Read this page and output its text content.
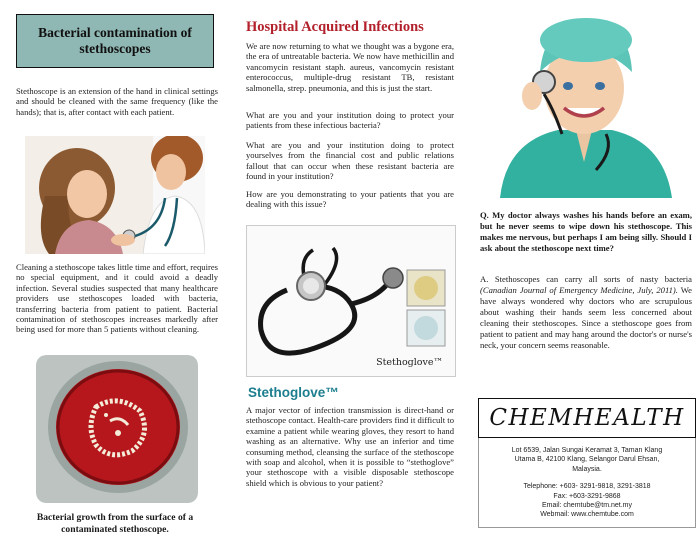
Bacterial contamination of stethoscopes
Stethoscope is an extension of the hand in clinical settings and should be cleaned with the same frequency (like the hands); that is, after contact with each patient.
Cleaning a stethoscope takes little time and effort, requires no special equipment, and it could avoid a deadly infection. Several studies suspected that many healthcare providers use stethoscopes loaded with bacteria, transferring bacteria from patient to patient. Bacterial contamination of stethoscopes increases markedly after being used for more than 5 patients without cleaning.
Bacterial growth from the surface of a contaminated stethoscope.
Hospital Acquired Infections
We are now returning to what we thought was a bygone era, the era of untreatable bacteria. We now have methicillin and vancomycin resistant staph. aureus, vancomycin resistant enterococcus, multiple-drug resistant TB, resistant salmonella, strep. pneumonia, and this is just the start.
What are you and your institution doing to protect your patients from these infectious bacteria?
What are you and your institution doing to protect yourselves from the financial cost and public relations fallout that can occur when these resistant bacteria are found in your institution?
How are you demonstrating to your patients that you are dealing with this issue?
Stethoglove™
Stethoglove™
A major vector of infection transmission is direct-hand or stethoscope contact. Health-care providers find it difficult to examine a patient while wearing gloves, they resort to hand washing as an alternative. Why use an inferior and time consuming method, cleansing the surface of the stethoscope with soap and alcohol, when it is possible to “stethoglove” your stethoscope with a visible disposable stethoscope shield which is obvious to your patient?
Q. My doctor always washes his hands before an exam, but he never seems to wipe down his stethoscope. This makes me nervous, but perhaps I am being silly. Should I ask about the stethoscope next time?
A. Stethoscopes can carry all sorts of nasty bacteria (Canadian Journal of Emergency Medicine, July, 2011). We have always wondered why doctors who are scrupulous about washing their hands seem less concerned about cleaning their stethoscopes. Since a stethoscope goes from patient to patient and may hang around the doctor's or nurse's neck, your concern seems reasonable.
CHEMHEALTH
Lot 6539, Jalan Sungai Keramat 3, Taman Klang
Utama B, 42100 Klang, Selangor Darul Ehsan,
Malaysia.
Telephone: +603- 3291-9818, 3291-3818
Fax: +603-3291-9868
Email: chemtube@tm.net.my
Webmail: www.chemtube.com
